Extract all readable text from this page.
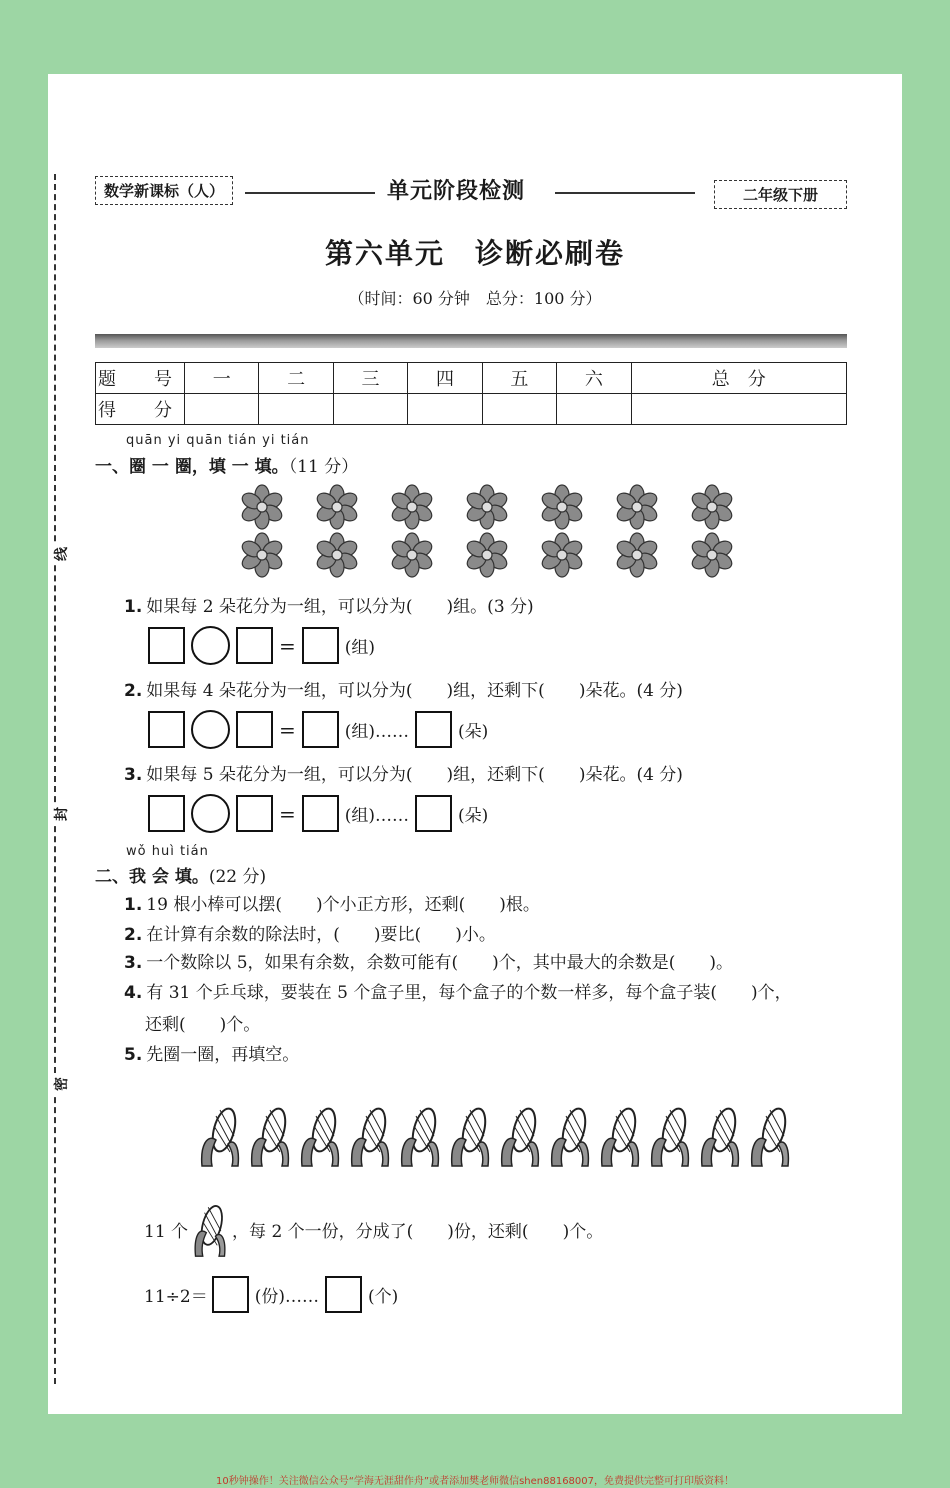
线
封
密
数学新课标（人）	单元阶段检测	二年级下册
第六单元　诊断必刷卷
（时间：60 分钟　总分：100 分）
题　号	一	二	三	四	五	六	总　分
得　分							
quān yi quān tián yi tián
一、圈 一 圈，填 一 填。（11 分）
1. 如果每 2 朵花分为一组，可以分为(　　)组。(3 分)
=	(组)
2. 如果每 4 朵花分为一组，可以分为(　　)组，还剩下(　　)朵花。(4 分)
=	(组)……	(朵)
3. 如果每 5 朵花分为一组，可以分为(　　)组，还剩下(　　)朵花。(4 分)
=	(组)……	(朵)
wǒ huì tián
二、我 会 填。(22 分)
1. 19 根小棒可以摆(　　)个小正方形，还剩(　　)根。
2. 在计算有余数的除法时，(　　)要比(　　)小。
3. 一个数除以 5，如果有余数，余数可能有(　　)个，其中最大的余数是(　　)。
4. 有 31 个乒乓球，要装在 5 个盒子里，每个盒子的个数一样多，每个盒子装(　　)个，
还剩(　　)个。
5. 先圈一圈，再填空。
11 个	，每 2 个一份，分成了(　　)份，还剩(　　)个。
11÷2＝	(份)……	(个)
10秒钟操作！关注微信公众号“学海无涯甜作舟”或者添加樊老师微信shen88168007，免费提供完整可打印版资料！
